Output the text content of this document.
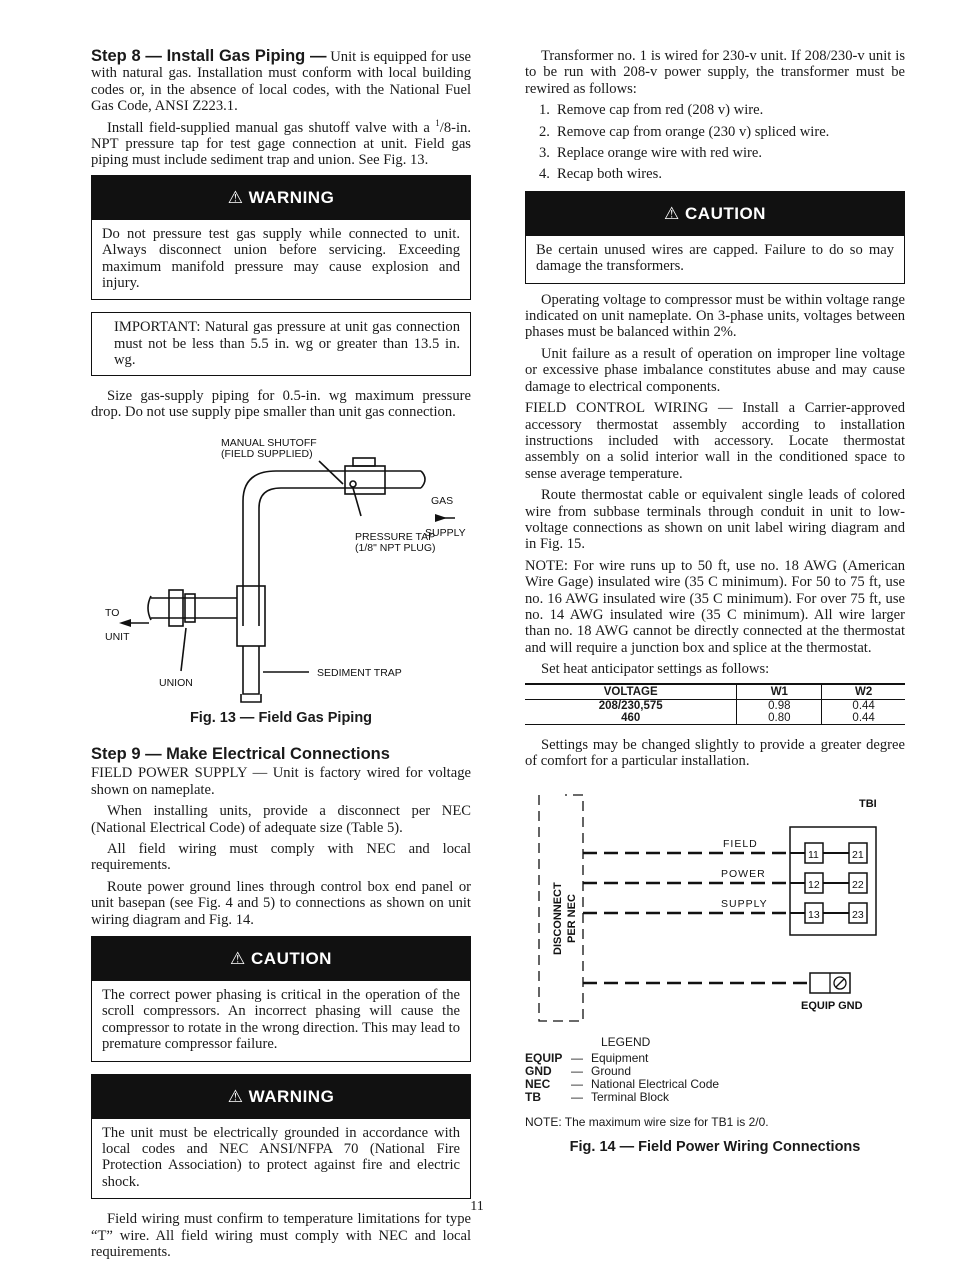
Step 8 — Install Gas Piping — Unit is equipped for use with natural gas. Installation must conform with local building codes or, in the absence of local codes, with the National Fuel Gas Code, ANSI Z223.1.

Install field-supplied manual gas shutoff valve with a $^1$/8-in. NPT pressure tap for test gage connection at unit. Field gas piping must include sediment trap and union. See Fig. 13.

⚠ WARNING
Do not pressure test gas supply while connected to unit. Always disconnect union before servicing. Exceeding maximum manifold pressure may cause explosion and injury.
IMPORTANT: Natural gas pressure at unit gas connection must not be less than 5.5 in. wg or greater than 13.5 in. wg.

Size gas-supply piping for 0.5-in. wg maximum pressure drop. Do not use supply pipe smaller than unit gas connection.

MANUAL SHUTOFF
(FIELD SUPPLIED)
GAS
SUPPLY
PRESSURE TAP
(1/8" NPT PLUG)
TO
UNIT
UNION
SEDIMENT TRAP
Fig. 13 — Field Gas Piping
Step 9 — Make Electrical Connections

FIELD POWER SUPPLY — Unit is factory wired for voltage shown on nameplate.

When installing units, provide a disconnect per NEC (National Electrical Code) of adequate size (Table 5).

All field wiring must comply with NEC and local requirements.

Route power ground lines through control box end panel or unit basepan (see Fig. 4 and 5) to connections as shown on unit wiring diagram and Fig. 14.

⚠ CAUTION
The correct power phasing is critical in the operation of the scroll compressors. An incorrect phasing will cause the compressor to rotate in the wrong direction. This may lead to premature compressor failure.
⚠ WARNING
The unit must be electrically grounded in accordance with local codes and NEC ANSI/NFPA 70 (National Fire Protection Association) to protect against fire and electric shock.

Field wiring must confirm to temperature limitations for type “T” wire. All field wiring must comply with NEC and local requirements.

Transformer no. 1 is wired for 230-v unit. If 208/230-v unit is to be run with 208-v power supply, the transformer must be rewired as follows:

1. Remove cap from red (208 v) wire.
2. Remove cap from orange (230 v) spliced wire.
3. Replace orange wire with red wire.
4. Recap both wires.
⚠ CAUTION
Be certain unused wires are capped. Failure to do so may damage the transformers.

Operating voltage to compressor must be within voltage range indicated on unit nameplate. On 3-phase units, voltages between phases must be balanced within 2%.

Unit failure as a result of operation on improper line voltage or excessive phase imbalance constitutes abuse and may cause damage to electrical components.

FIELD CONTROL WIRING — Install a Carrier-approved accessory thermostat assembly according to installation instructions included with accessory. Locate thermostat assembly on a solid interior wall in the conditioned space to sense average temperature.

Route thermostat cable or equivalent single leads of colored wire from subbase terminals through conduit in unit to low-voltage connections as shown on unit label wiring diagram and in Fig. 15.

NOTE: For wire runs up to 50 ft, use no. 18 AWG (American Wire Gage) insulated wire (35 C minimum). For 50 to 75 ft, use no. 16 AWG insulated wire (35 C minimum). For over 75 ft, use no. 14 AWG insulated wire (35 C minimum). All wire larger than no. 18 AWG cannot be directly connected at the thermostat and will require a junction box and splice at the thermostat.

Set heat anticipator settings as follows:

VOLTAGE	W1	W2
208/230,575	0.98	0.44
460	0.80	0.44

Settings may be changed slightly to provide a greater degree of comfort for a particular installation.

TBI
FIELD
POWER
SUPPLY
DISCONNECT PER NEC
11	21
12	22
13	23
EQUIP GND
LEGEND
EQUIP — Equipment
GND	— Ground
NEC	— National Electrical Code
TB	— Terminal Block
NOTE: The maximum wire size for TB1 is 2/0.
Fig. 14 — Field Power Wiring Connections
11
